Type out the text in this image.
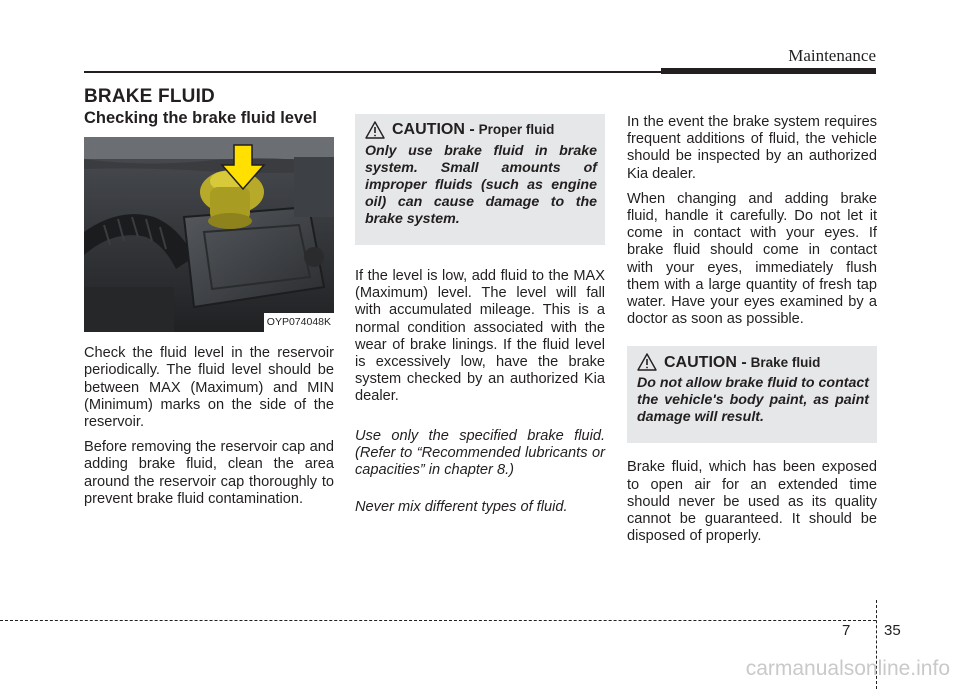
Maintenance
BRAKE FLUID
Checking the brake fluid level
OYP074048K

Check the fluid level in the reservoir periodically. The fluid level should be between MAX (Maximum) and MIN (Minimum) marks on the side of the reservoir.

Before removing the reservoir cap and adding brake fluid, clean the area around the reservoir cap thoroughly to prevent brake fluid contamination.

CAUTION - Proper fluid

Only use brake fluid in brake system. Small amounts of improper fluids (such as engine oil) can cause damage to the brake system.

If the level is low, add fluid to the MAX (Maximum) level. The level will fall with accumulated mileage. This is a normal condition associated with the wear of brake linings. If the fluid level is excessively low, have the brake system checked by an authorized Kia dealer.

Use only the specified brake fluid. (Refer to “Recommended lubricants or capacities” in chapter 8.)

Never mix different types of fluid.

In the event the brake system requires frequent additions of fluid, the vehicle should be inspected by an authorized Kia dealer.

When changing and adding brake fluid, handle it carefully. Do not let it come in contact with your eyes. If brake fluid should come in contact with your eyes, immediately flush them with a large quantity of fresh tap water. Have your eyes examined by a doctor as soon as possible.

CAUTION - Brake fluid

Do not allow brake fluid to contact the vehicle's body paint, as paint damage will result.

Brake fluid, which has been exposed to open air for an extended time should never be used as its quality cannot be guaranteed. It should be disposed of properly.

7 35
carmanualsonline.info
